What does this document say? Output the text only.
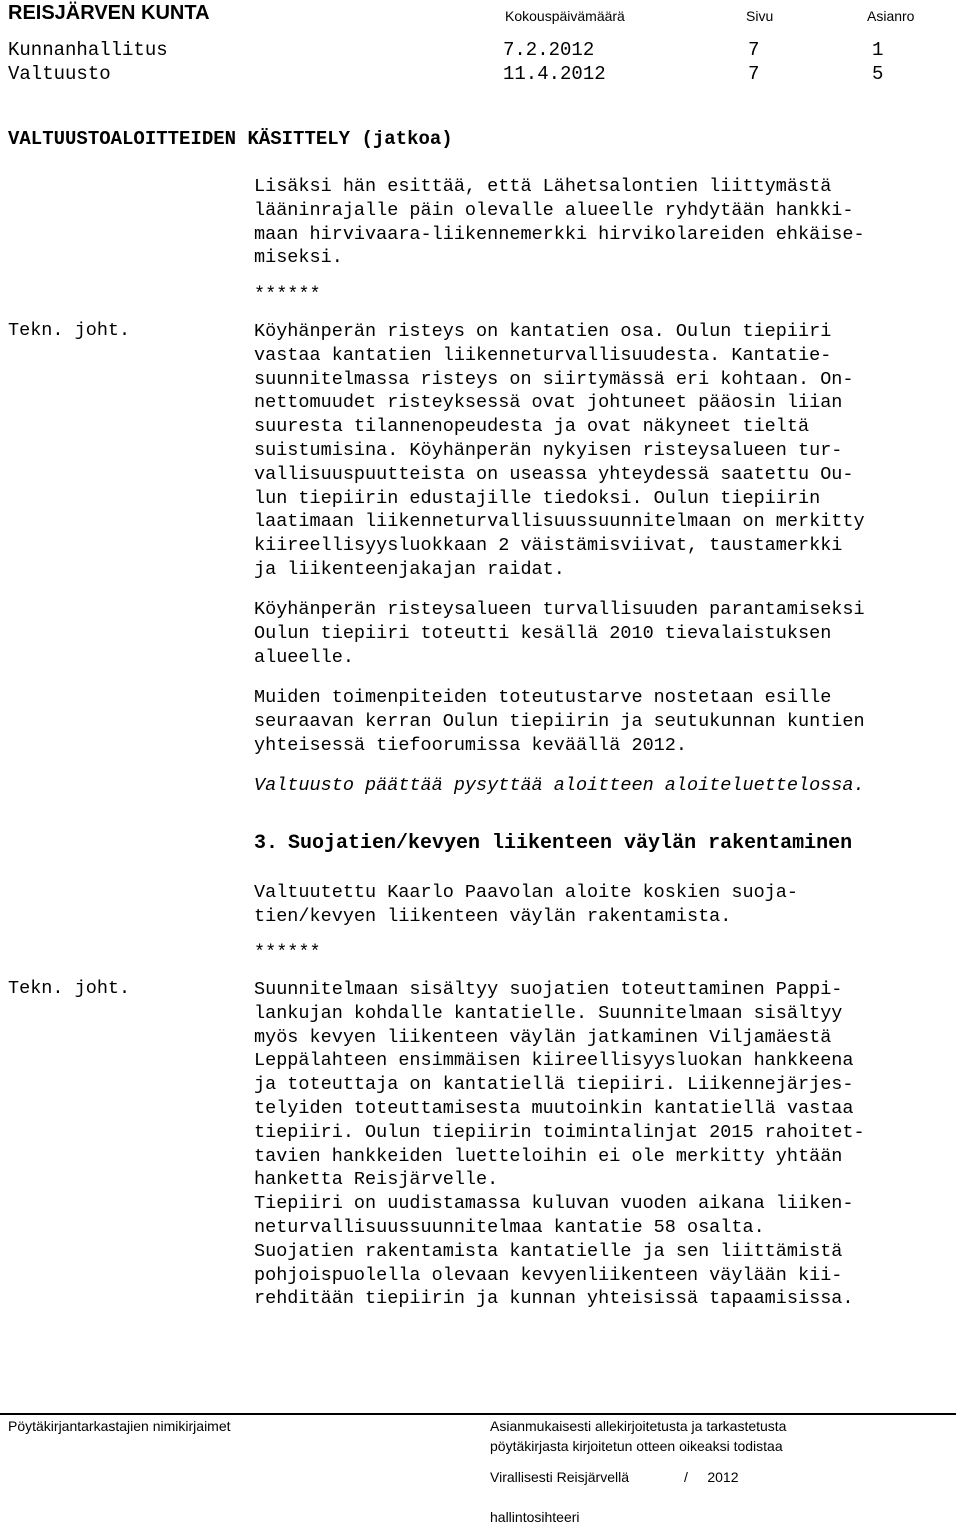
REISJÄRVEN KUNTA	Kokouspäivämäärä	Sivu	Asianro
Kunnanhallitus	7.2.2012	7	1
Valtuusto	11.4.2012	7	5
VALTUUSTOALOITTEIDEN KÄSITTELY (jatkoa)
Lisäksi hän esittää, että Lähetsalontien liittymästä
lääninrajalle päin olevalle alueelle ryhdytään hankki-
maan hirvivaara-liikennemerkki hirvikolareiden ehkäise-
miseksi.
******
Tekn. joht.	Köyhänperän risteys on kantatien osa. Oulun tiepiiri
vastaa kantatien liikenneturvallisuudesta. Kantatie-
suunnitelmassa risteys on siirtymässä eri kohtaan. On-
nettomuudet risteyksessä ovat johtuneet pääosin liian
suuresta tilannenopeudesta ja ovat näkyneet tieltä
suistumisina. Köyhänperän nykyisen risteysalueen tur-
vallisuuspuutteista on useassa yhteydessä saatettu Ou-
lun tiepiirin edustajille tiedoksi. Oulun tiepiirin
laatimaan liikenneturvallisuussuunnitelmaan on merkitty
kiireellisyysluokkaan 2 väistämisviivat, taustamerkki
ja liikenteenjakajan raidat.
Köyhänperän risteysalueen turvallisuuden parantamiseksi
Oulun tiepiiri toteutti kesällä 2010 tievalaistuksen
alueelle.
Muiden toimenpiteiden toteutustarve nostetaan esille
seuraavan kerran Oulun tiepiirin ja seutukunnan kuntien
yhteisessä tiefoorumissa keväällä 2012.
Valtuusto päättää pysyttää aloitteen aloiteluettelossa.
3. Suojatien/kevyen liikenteen väylän rakentaminen
Valtuutettu Kaarlo Paavolan aloite koskien suoja-
tien/kevyen liikenteen väylän rakentamista.
******
Tekn. joht.	Suunnitelmaan sisältyy suojatien toteuttaminen Pappi-
lankujan kohdalle kantatielle. Suunnitelmaan sisältyy
myös kevyen liikenteen väylän jatkaminen Viljamäestä
Leppälahteen ensimmäisen kiireellisyysluokan hankkeena
ja toteuttaja on kantatiellä tiepiiri. Liikennejärjes-
telyiden toteuttamisesta muutoinkin kantatiellä vastaa
tiepiiri. Oulun tiepiirin toimintalinjat 2015 rahoitet-
tavien hankkeiden luetteloihin ei ole merkitty yhtään
hanketta Reisjärvelle.
Tiepiiri on uudistamassa kuluvan vuoden aikana liiken-
neturvallisuussuunnitelmaa kantatie 58 osalta.
Suojatien rakentamista kantatielle ja sen liittämistä
pohjoispuolella olevaan kevyenliikenteen väylään kii-
rehditään tiepiirin ja kunnan yhteisissä tapaamisissa.
Pöytäkirjantarkastajien nimikirjaimet	Asianmukaisesti allekirjoitetusta ja tarkastetusta
pöytäkirjasta kirjoitetun otteen oikeaksi todistaa
Virallisesti Reisjärvellä	/     2012
hallintosihteeri
